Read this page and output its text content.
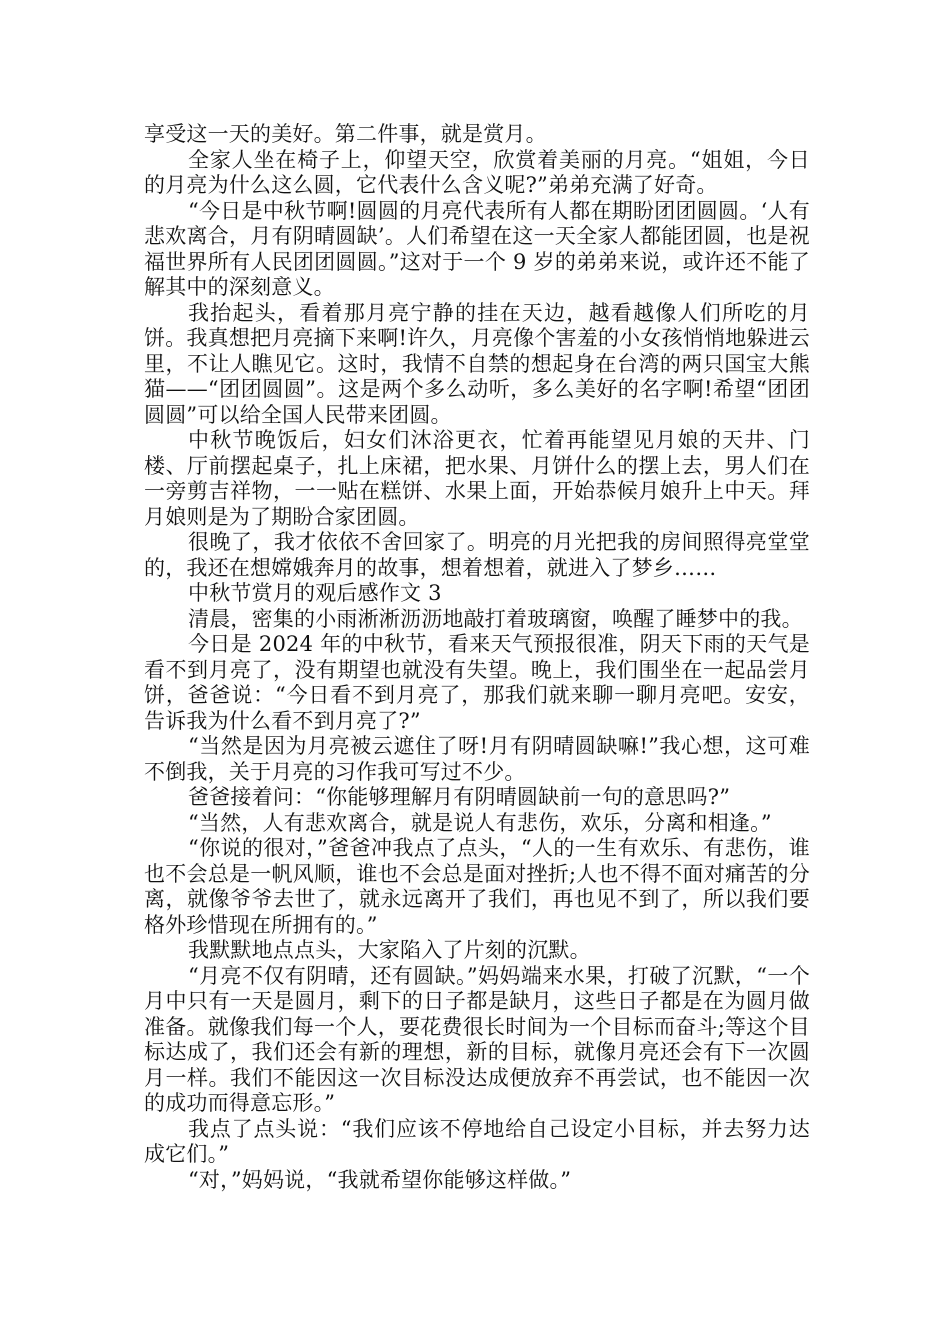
享受这一天的美好。第二件事，就是赏月。

全家人坐在椅子上，仰望天空，欣赏着美丽的月亮。“姐姐，今日的月亮为什么这么圆，它代表什么含义呢?”弟弟充满了好奇。

“今日是中秋节啊!圆圆的月亮代表所有人都在期盼团团圆圆。‘人有悲欢离合，月有阴晴圆缺’。人们希望在这一天全家人都能团圆，也是祝福世界所有人民团团圆圆。”这对于一个 9 岁的弟弟来说，或许还不能了解其中的深刻意义。

我抬起头，看着那月亮宁静的挂在天边，越看越像人们所吃的月饼。我真想把月亮摘下来啊!许久，月亮像个害羞的小女孩悄悄地躲进云里，不让人瞧见它。这时，我情不自禁的想起身在台湾的两只国宝大熊猫——“团团圆圆”。这是两个多么动听，多么美好的名字啊!希望“团团圆圆”可以给全国人民带来团圆。

中秋节晚饭后，妇女们沐浴更衣，忙着再能望见月娘的天井、门楼、厅前摆起桌子，扎上床裙，把水果、月饼什么的摆上去，男人们在一旁剪吉祥物，一一贴在糕饼、水果上面，开始恭候月娘升上中天。拜月娘则是为了期盼合家团圆。

很晚了，我才依依不舍回家了。明亮的月光把我的房间照得亮堂堂的，我还在想嫦娥奔月的故事，想着想着，就进入了梦乡……

中秋节赏月的观后感作文 3

清晨，密集的小雨淅淅沥沥地敲打着玻璃窗，唤醒了睡梦中的我。

今日是 2024 年的中秋节，看来天气预报很准，阴天下雨的天气是看不到月亮了，没有期望也就没有失望。晚上，我们围坐在一起品尝月饼，爸爸说：“今日看不到月亮了，那我们就来聊一聊月亮吧。安安，告诉我为什么看不到月亮了?”

“当然是因为月亮被云遮住了呀!月有阴晴圆缺嘛!”我心想，这可难不倒我，关于月亮的习作我可写过不少。

爸爸接着问：“你能够理解月有阴晴圆缺前一句的意思吗?”

“当然，人有悲欢离合，就是说人有悲伤，欢乐，分离和相逢。”

“你说的很对，”爸爸冲我点了点头，“人的一生有欢乐、有悲伤，谁也不会总是一帆风顺，谁也不会总是面对挫折;人也不得不面对痛苦的分离，就像爷爷去世了，就永远离开了我们，再也见不到了，所以我们要格外珍惜现在所拥有的。”

我默默地点点头，大家陷入了片刻的沉默。

“月亮不仅有阴晴，还有圆缺。”妈妈端来水果，打破了沉默，“一个月中只有一天是圆月，剩下的日子都是缺月，这些日子都是在为圆月做准备。就像我们每一个人，要花费很长时间为一个目标而奋斗;等这个目标达成了，我们还会有新的理想，新的目标，就像月亮还会有下一次圆月一样。我们不能因这一次目标没达成便放弃不再尝试，也不能因一次的成功而得意忘形。”

我点了点头说：“我们应该不停地给自己设定小目标，并去努力达成它们。”

“对，”妈妈说，“我就希望你能够这样做。”
